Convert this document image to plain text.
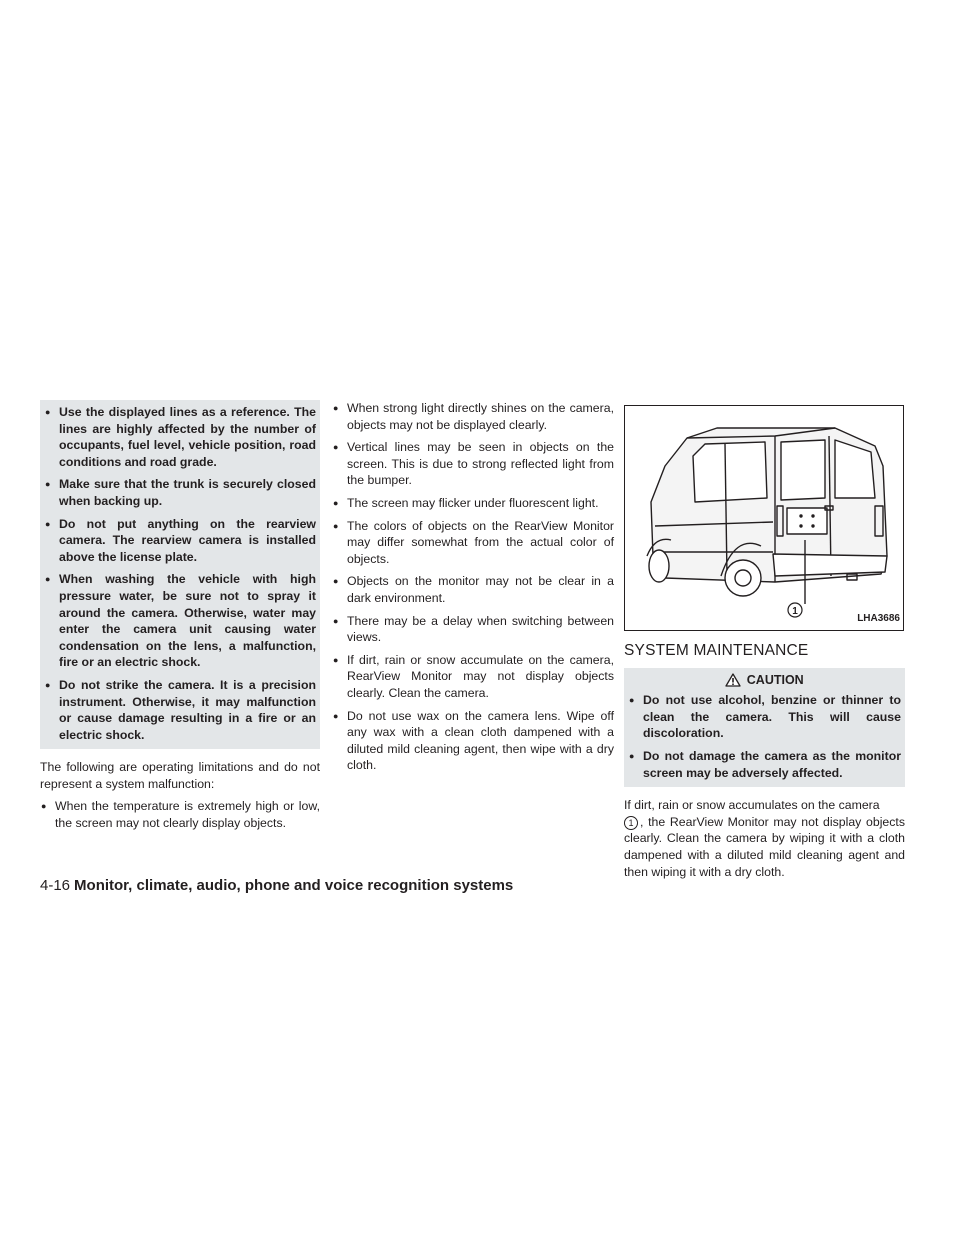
● Use the displayed lines as a reference. The lines are highly affected by the number of occupants, fuel level, vehicle position, road conditions and road grade.
● Make sure that the trunk is securely closed when backing up.
● Do not put anything on the rearview camera. The rearview camera is installed above the license plate.
● When washing the vehicle with high pressure water, be sure not to spray it around the camera. Otherwise, water may enter the camera unit causing water condensation on the lens, a malfunction, fire or an electric shock.
● Do not strike the camera. It is a precision instrument. Otherwise, it may malfunction or cause damage resulting in a fire or an electric shock.

The following are operating limitations and do not represent a system malfunction:

● When the temperature is extremely high or low, the screen may not clearly display objects.
● When strong light directly shines on the camera, objects may not be displayed clearly.
● Vertical lines may be seen in objects on the screen. This is due to strong reflected light from the bumper.
● The screen may flicker under fluorescent light.
● The colors of objects on the RearView Monitor may differ somewhat from the actual color of objects.
● Objects on the monitor may not be clear in a dark environment.
● There may be a delay when switching between views.
● If dirt, rain or snow accumulate on the camera, RearView Monitor may not display objects clearly. Clean the camera.
● Do not use wax on the camera lens. Wipe off any wax with a clean cloth dampened with a diluted mild cleaning agent, then wipe with a dry cloth.
1
LHA3686
SYSTEM MAINTENANCE
CAUTION
● Do not use alcohol, benzine or thinner to clean the camera. This will cause discoloration.
● Do not damage the camera as the monitor screen may be adversely affected.

If dirt, rain or snow accumulates on the camera
1 , the RearView Monitor may not display objects clearly. Clean the camera by wiping it with a cloth dampened with a diluted mild cleaning agent and then wiping it with a dry cloth.

4-16 Monitor, climate, audio, phone and voice recognition systems
